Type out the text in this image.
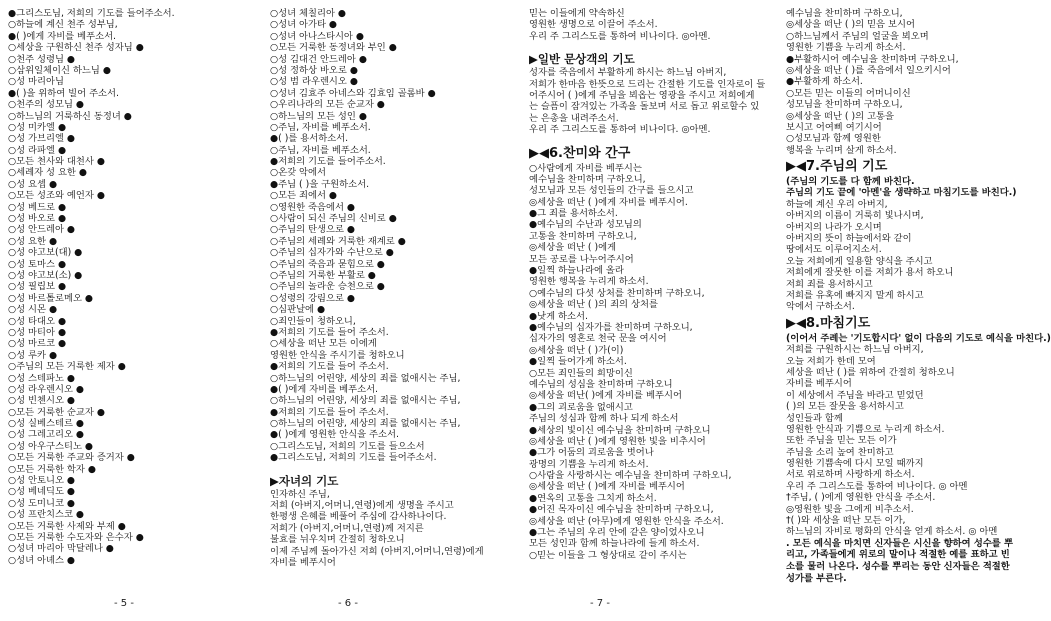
●그리스도님, 저희의 기도를 들어주소서.
○하늘에 계신 천주 성부님,
●( )에게 자비를 베푸소서.
○세상을 구원하신 천주 성자님 ●
○천주 성령님 ●
○삼위일체이신 하느님 ●
○성 마리아님
●( )을 위하여 빌어 주소서.
○천주의 성모님 ●
○하느님의 거룩하신 동정녀 ●
○성 미카엘 ●
○성 가브리엘 ●
○성 라파엘 ●
○모든 천사와 대천사 ●
○세례자 성 요한 ●
○성 요셉 ●
○모든 성조와 예언자 ●
○성 베드로 ●
○성 바오로 ●
○성 안드레아 ●
○성 요한 ●
○성 야고보(대) ●
○성 토마스 ●
○성 야고보(소) ●
○성 필립보 ●
○성 바르톨로메오 ●
○성 시몬 ●
○성 타대오 ●
○성 마티아 ●
○성 마르코 ●
○성 루카 ●
○주님의 모든 거룩한 제자 ●
○성 스테파노 ●
○성 라우렌시오 ●
○성 빈첸시오 ●
○모든 거룩한 순교자 ●
○성 실베스테르 ●
○성 그레고리오 ●
○성 아우구스티노 ●
○모든 거룩한 주교와 증거자 ●
○모든 거룩한 학자 ●
○성 안토니오 ●
○성 베네딕도 ●
○성 도미니코 ●
○성 프란치스코 ●
○모든 거룩한 사제와 부제 ●
○모든 거룩한 수도자와 은수자 ●
○성녀 마리아 막달레나 ●
○성녀 아녜스 ●
- 5 -
○성녀 체칠리아 ●
○성녀 아가타 ●
○성녀 아나스타시아 ●
○모든 거룩한 동정녀와 부인 ●
○성 김대건 안드레아 ●
○성 정하상 바오로 ●
○성 범 라우렌시오 ●
○성녀 김효주 아네스와 김효임 골롬바 ●
○우리나라의 모든 순교자 ●
○하느님의 모든 성인 ●
○주님, 자비를 베푸소서.
●( )를 용서하소서.
○주님, 자비를 베푸소서.
●저희의 기도를 들어주소서.
○온갖 악에서
●주님 ( )을 구원하소서.
○모든 죄에서 ●
○영원한 죽음에서 ●
○사람이 되신 주님의 신비로 ●
○주님의 탄생으로 ●
○주님의 세례와 거룩한 재계로 ●
○주님의 십자가와 수난으로 ●
○주님의 죽음과 묻힘으로 ●
○주님의 거룩한 부활로 ●
○주님의 놀라운 승천으로 ●
○성령의 강림으로 ●
○심판날에 ●
○죄인들이 청하오니,
●저희의 기도를 들어 주소서.
○세상을 떠난 모든 이에게
영원한 안식을 주시기를 청하오니
●저희의 기도를 들어 주소서.
○하느님의 어린양, 세상의 죄를 없애시는 주님,
●( )에게 자비를 베푸소서.
○하느님의 어린양, 세상의 죄를 없애시는 주님,
●저희의 기도를 들어 주소서.
○하느님의 어린양, 세상의 죄를 없애시는 주님,
●( )에게 영원한 안식을 주소서.
○그리스도님, 저희의 기도를 들으소서
●그리스도님, 저희의 기도를 들어주소서.
▶자녀의 기도
인자하신 주님,
저희 (아버지,어머니,연령)에게 생명을 주시고
한평생 은혜를 베풀어 주심에 감사하나이다.
저희가 (아버지,어머니,연령)께 저지른
불효를 뉘우치며 간절히 청하오니
이제 주님께 돌아가신 저희 (아버지,어머니,연령)에게
자비를 베푸시어
- 6 -
믿는 이들에게 약속하신
영원한 생명으로 이끌어 주소서.
우리 주 그리스도를 통하여 비나이다. ◎아멘.
▶일반 문상객의 기도
성자를 죽음에서 부활하게 하시는 하느님 아버지,
저희가 한마음 한뜻으로 드리는 간절한 기도를 인자로이 들
어주시어 ( )에게 주님을 뵈옵는 영광을 주시고 저희에게
는 슬픔이 잠겨있는 가족을 돌보며 서로 돕고 위로할수 있
는 은총을 내려주소서.
우리 주 그리스도를 통하여 비나이다. ◎아멘.
▶◀6.찬미와 간구
○사람에게 자비를 베푸시는
예수님을 찬미하며 구하오니,
성모님과 모든 성인들의 간구를 들으시고
◎세상을 떠난 ( )에게 자비를 베푸시어.
●그 죄를 용서하소서.
●예수님의 수난과 성모님의
고통을 찬미하며 구하오니,
◎세상을 떠난 ( )에게
모든 공로를 나누어주시어
●일찍 하늘나라에 올라
영원한 행복을 누리게 하소서.
○예수님의 다섯 상처를 찬미하며 구하오니,
◎세상을 떠난 ( )의 죄의 상처를
●낫게 하소서.
●예수님의 십자가를 찬미하며 구하오니,
십자가의 영혼로 천국 문을 여시어
◎세상을 떠난 ( )가(이)
●일찍 들어가게 하소서.
○모든 죄인들의 희망이신
예수님의 성심을 찬미하며 구하오니
◎세상을 떠난( )에게 자비를 베푸시어
●그의 괴로움을 없애시고
주님의 성심과 함께 하나 되게 하소서
●세상의 빛이신 예수님을 찬미하며 구하오니
◎세상을 떠난 ( )에게 영원한 빛을 비추시어
●그가 어둠의 괴로움을 벗어나
광명의 기쁨을 누리게 하소서.
○사람을 사랑하시는 예수님을 찬미하며 구하오니,
◎세상을 떠난 ( )에게 자비를 베푸시어
●연옥의 고통을 그치게 하소서.
●어진 목자이신 예수님을 찬미하며 구하오니,
◎세상을 떠난 (아무)에게 영원한 안식을 주소서.
●그는 주님의 우리 안에 같은 양이었사오니
모든 성인과 함께 하늘나라에 들게 하소서.
○믿는 이들을 그 형상대로 같이 주시는
- 7 -
예수님을 찬미하며 구하오니,
◎세상을 떠난 ( )의 믿음 보시어
○하느님께서 주님의 얼굴을 뵈오며
영원한 기쁨을 누리게 하소서.
●부활하시어 예수님을 찬미하며 구하오니,
◎세상을 떠난 ( )를 죽음에서 일으키시어
●부활하게 하소서.
○모든 믿는 이들의 어머니이신
성모님을 찬미하며 구하오니,
◎세상을 떠난 ( )의 고통을
보시고 어여삐 여기시어
○성모님과 함께 영원한
행복을 누리며 살게 하소서.
▶◀7.주님의 기도
(주님의 기도를 다 함께 바친다.
주님의 기도 끝에 '아멘'을 생략하고 마침기도를 바친다.)
하늘에 계신 우리 아버지,
아버지의 이름이 거룩히 빛나시며,
아버지의 나라가 오시며
아버지의 뜻이 하늘에서와 같이
땅에서도 이루어지소서.
오늘 저희에게 일용할 양식을 주시고
저희에게 잘못한 이를 저희가 용서 하오니
저희 죄를 용서하시고
저희를 유혹에 빠지지 말게 하시고
악에서 구하소서.
▶◀8.마침기도
(이어서 주례는 '기도합시다' 없이 다음의 기도로 예식을 마친다.)
저희를 구원하시는 하느님 아버지,
오늘 저희가 한데 모여
세상을 떠난 ( )를 위하여 간절히 청하오니
자비를 베푸시어
이 세상에서 주님을 바라고 믿었던
( )의 모든 잘못을 용서하시고
성인들과 함께
영원한 안식과 기쁨으로 누리게 하소서.
또한 주님을 믿는 모든 이가
주님을 소리 높여 찬미하고
영원한 기쁨속에 다시 모일 때까지
서로 위로하며 사랑하게 하소서.
우리 주 그리스도를 통하여 비나이다. ◎ 아멘
†주님, ( )에게 영원한 안식을 주소서.
◎영원한 빛을 그에게 비추소서.
†( )와 세상을 떠난 모든 이가,
하느님의 자비로 평화의 안식을 얻게 하소서. ◎ 아멘
. 모든 예식을 마치면 신자들은 시신을 향하여 성수를 뿌리고, 가족들에게 위로의 말이나 적절한 예를 표하고 빈소를 물러 나온다. 성수를 뿌리는 동안 신자들은 적절한 성가를 부른다.
